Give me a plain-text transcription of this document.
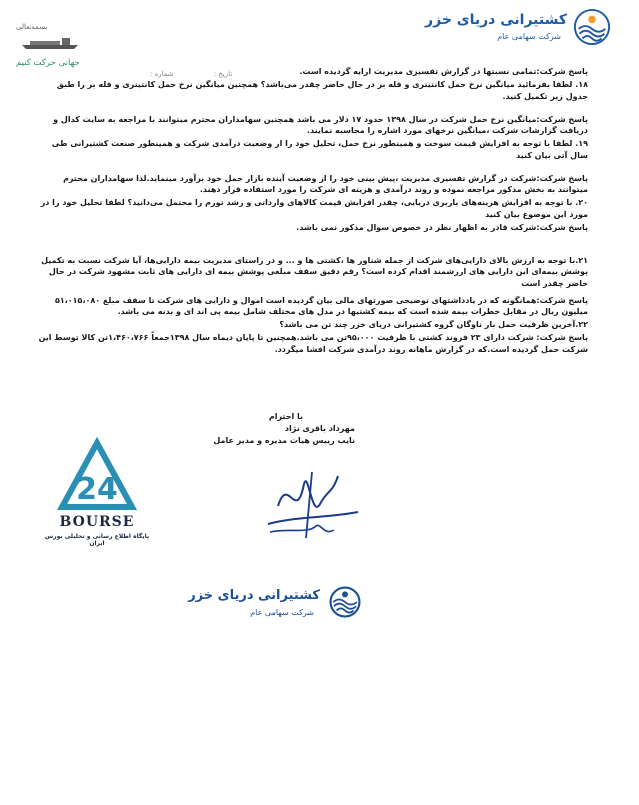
کشتیرانی دریای خزر
شرکت سهامی عام
بسمه‌تعالی
جهانی حرکت کنیم
تاریخ :
شماره :	پاسخ شرکت:تمامی نسبتها در گزارش تفسیری مدیریت ارایه گردیده است.

۱۸. لطفا بفرمائید میانگین نرخ حمل کانتینری و فله بر در حال حاضر چقدر می‌باشد؟ همچنین میانگین نرخ حمل کانتینری و فله بر را طبق جدول زیر تکمیل کنید.

پاسخ شرکت:میانگین نرخ حمل شرکت در سال ۱۳۹۸ حدود ۱۷ دلار می باشد همچنین سهامداران محترم میتوانند با مراجعه به سایت کدال و دریافت گزارشات شرکت ،میانگین نرخهای مورد اشاره را محاسبه نمایند.

۱۹. لطفا با توجه به افزایش قیمت سوخت و همینطور نرخ حمل، تحلیل خود را از وضعیت درآمدی شرکت و همینطور صنعت کشتیرانی طی سال آتی بیان کنید

پاسخ شرکت:شرکت در گزارش تفسیری مدیریت ،پیش بینی خود را از وضعیت آینده بازار حمل خود برآورد مینماید.لذا سهامداران محترم میتوانند به بخش مذکور مراجعه نموده و روند درآمدی و هزینه ای شرکت را مورد استفاده قرار دهند.

۲۰. با توجه به افزایش هزینه‌های باربری دریایی، چقدر افزایش قیمت کالاهای وارداتی و رشد تورم را محتمل می‌دانید؟ لطفا تحلیل خود را در مورد این موضوع بیان کنید

پاسخ شرکت:شرکت قادر به اظهار نظر در خصوص سوال مذکور نمی باشد.

۲۱.با توجه به ارزش بالای دارایی‌های شرکت از جمله شناور ها ،کشتی ها و ... و در راستای مدیریت بیمه دارایی‌ها، آیا شرکت نسبت به تکمیل پوشش بیمه‌ای این دارایی های ارزشمند اقدام کرده است؟ رقم دقیق سقف مبلغی پوشش بیمه ای دارایی های ثابت مشهود شرکت در حال حاضر چقدر است

پاسخ شرکت:همانگونه که در یادداشتهای توضیحی صورتهای مالی بیان گردیده است اموال و دارایی های شرکت تا سقف مبلغ ۵۱،۰۱۵،۰۸۰ میلیون ریال در مقابل خطرات بیمه شده است که بیمه کشتیها در مدل های مختلف شامل بیمه پی اند ای و بدنه می باشد.

۲۲.آخرین ظرفیت حمل بار ناوگان گروه کشتیرانی دریای خزر چند تن می باشد؟

پاسخ شرکت: شرکت دارای ۲۳ فروند کشتی با ظرفیت ۹۵،۰۰۰تن می باشد.همچنین تا پایان دیماه سال ۱۳۹۸جمعاً ۱،۴۶۰،۷۶۶تن کالا توسط این شرکت حمل گردیده است.که در گزارش ماهانه روند درآمدی شرکت افشا میگردد.

24
BOURSE
پایگاه اطلاع رسانی و تحلیلی بورس ایران
با احترام
مهرداد باقری نژاد
نایب رییس هیات مدیره و مدیر عامل
کشتیرانی دریای خزر
شرکت سهامی عام
